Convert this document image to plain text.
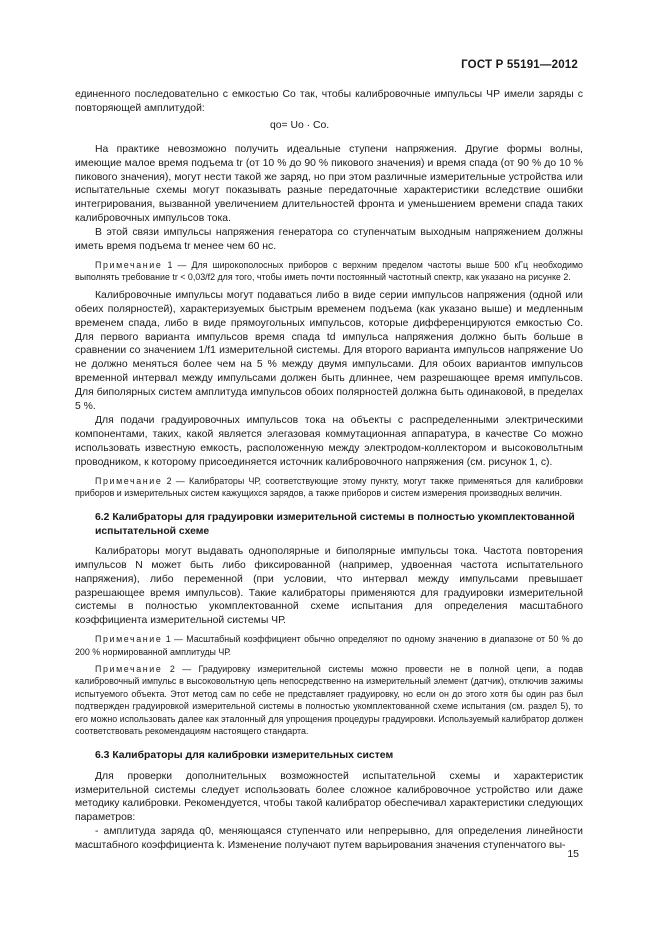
ГОСТ Р 55191—2012

единенного последовательно с емкостью Cо так, чтобы калибровочные импульсы ЧР имели заряды с повторяющей амплитудой:

qо= Uо · Cо.

На практике невозможно получить идеальные ступени напряжения. Другие формы волны, имеющие малое время подъема tr (от 10 % до 90 % пикового значения) и время спада (от 90 % до 10 % пикового значения), могут нести такой же заряд, но при этом различные измерительные устройства или испытательные схемы могут показывать разные передаточные характеристики вследствие ошибки интегрирования, вызванной увеличением длительностей фронта и уменьшением времени спада таких калибровочных импульсов тока.

В этой связи импульсы напряжения генератора со ступенчатым выходным напряжением должны иметь время подъема tr менее чем 60 нс.

Примечание 1 — Для широкополосных приборов с верхним пределом частоты выше 500 кГц необходимо выполнять требование tr < 0,03/f2 для того, чтобы иметь почти постоянный частотный спектр, как указано на рисунке 2.

Калибровочные импульсы могут подаваться либо в виде серии импульсов напряжения (одной или обеих полярностей), характеризуемых быстрым временем подъема (как указано выше) и медленным временем спада, либо в виде прямоугольных импульсов, которые дифференцируются емкостью Cо. Для первого варианта импульсов время спада td импульса напряжения должно быть больше в сравнении со значением 1/f1 измерительной системы. Для второго варианта импульсов напряжение Uо не должно меняться более чем на 5 % между двумя импульсами. Для обоих вариантов импульсов временной интервал между импульсами должен быть длиннее, чем разрешающее время импульсов. Для биполярных систем амплитуда импульсов обоих полярностей должна быть одинаковой, в пределах 5 %.

Для подачи градуировочных импульсов тока на объекты с распределенными электрическими компонентами, таких, какой является элегазовая коммутационная аппаратура, в качестве Cо можно использовать известную емкость, расположенную между электродом-коллектором и высоковольтным проводником, к которому присоединяется источник калибровочного напряжения (см. рисунок 1, с).

Примечание 2 — Калибраторы ЧР, соответствующие этому пункту, могут также применяться для калибровки приборов и измерительных систем кажущихся зарядов, а также приборов и систем измерения производных величин.

6.2 Калибраторы для градуировки измерительной системы в полностью укомплектованной испытательной схеме

Калибраторы могут выдавать однополярные и биполярные импульсы тока. Частота повторения импульсов N может быть либо фиксированной (например, удвоенная частота испытательного напряжения), либо переменной (при условии, что интервал между импульсами превышает разрешающее время импульсов). Такие калибраторы применяются для градуировки измерительной системы в полностью укомплектованной схеме испытания для определения масштабного коэффициента измерительной системы ЧР.

Примечание 1 — Масштабный коэффициент обычно определяют по одному значению в диапазоне от 50 % до 200 % нормированной амплитуды ЧР.

Примечание 2 — Градуировку измерительной системы можно провести не в полной цепи, а подав калибровочный импульс в высоковольтную цепь непосредственно на измерительный элемент (датчик), отключив зажимы испытуемого объекта. Этот метод сам по себе не представляет градуировку, но если он до этого хотя бы один раз был подтвержден градуировкой измерительной системы в полностью укомплектованной схеме испытания (см. раздел 5), то его можно использовать далее как эталонный для упрощения процедуры градуировки. Используемый калибратор должен соответствовать рекомендациям настоящего стандарта.

6.3 Калибраторы для калибровки измерительных систем

Для проверки дополнительных возможностей испытательной схемы и характеристик измерительной системы следует использовать более сложное калибровочное устройство или даже методику калибровки. Рекомендуется, чтобы такой калибратор обеспечивал характеристики следующих параметров:

- амплитуда заряда q0, меняющаяся ступенчато или непрерывно, для определения линейности масштабного коэффициента k. Изменение получают путем варьирования значения ступенчатого вы-

15
